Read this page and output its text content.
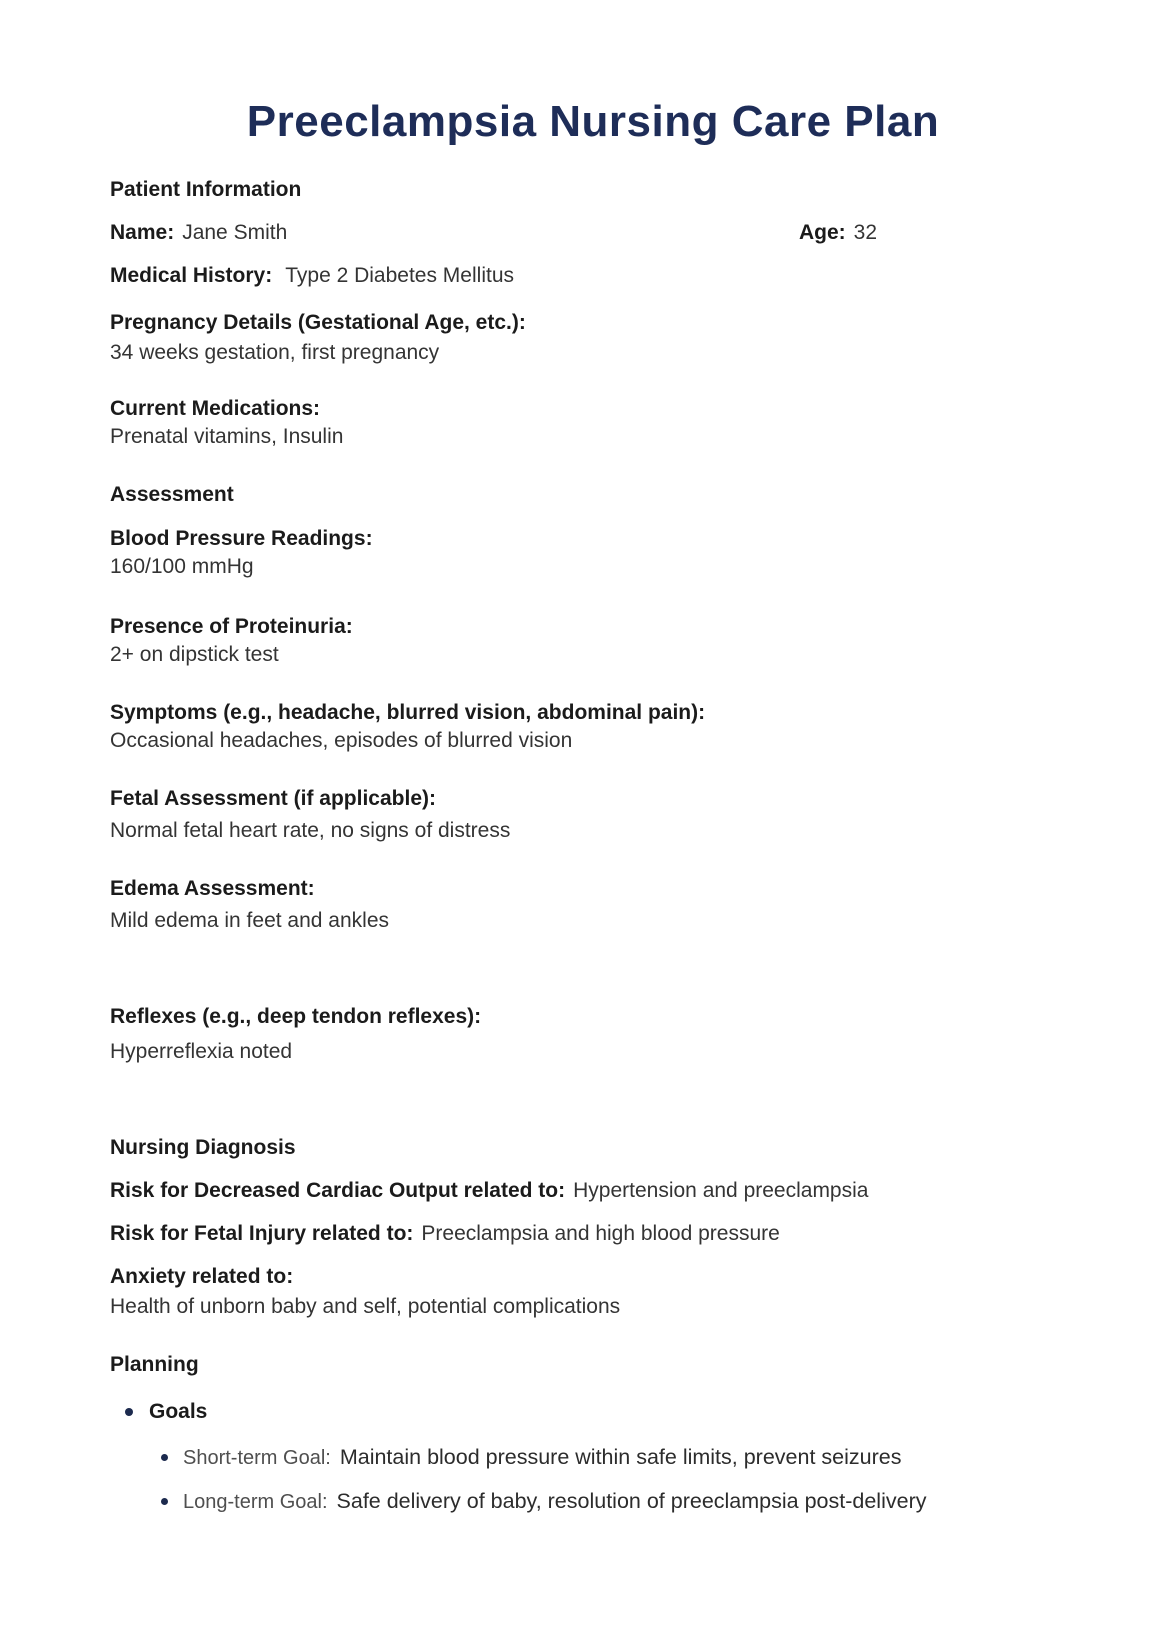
Preeclampsia Nursing Care Plan
Patient Information
Name: Jane Smith	Age: 32
Medical History: Type 2 Diabetes Mellitus
Pregnancy Details (Gestational Age, etc.):
34 weeks gestation, first pregnancy
Current Medications:
Prenatal vitamins, Insulin
Assessment
Blood Pressure Readings:
160/100 mmHg
Presence of Proteinuria:
2+ on dipstick test
Symptoms (e.g., headache, blurred vision, abdominal pain):
Occasional headaches, episodes of blurred vision
Fetal Assessment (if applicable):
Normal fetal heart rate, no signs of distress
Edema Assessment:
Mild edema in feet and ankles
Reflexes (e.g., deep tendon reflexes):
Hyperreflexia noted
Nursing Diagnosis
Risk for Decreased Cardiac Output related to: Hypertension and preeclampsia
Risk for Fetal Injury related to: Preeclampsia and high blood pressure
Anxiety related to:
Health of unborn baby and self, potential complications
Planning
Goals
Short-term Goal: Maintain blood pressure within safe limits, prevent seizures
Long-term Goal: Safe delivery of baby, resolution of preeclampsia post-delivery
